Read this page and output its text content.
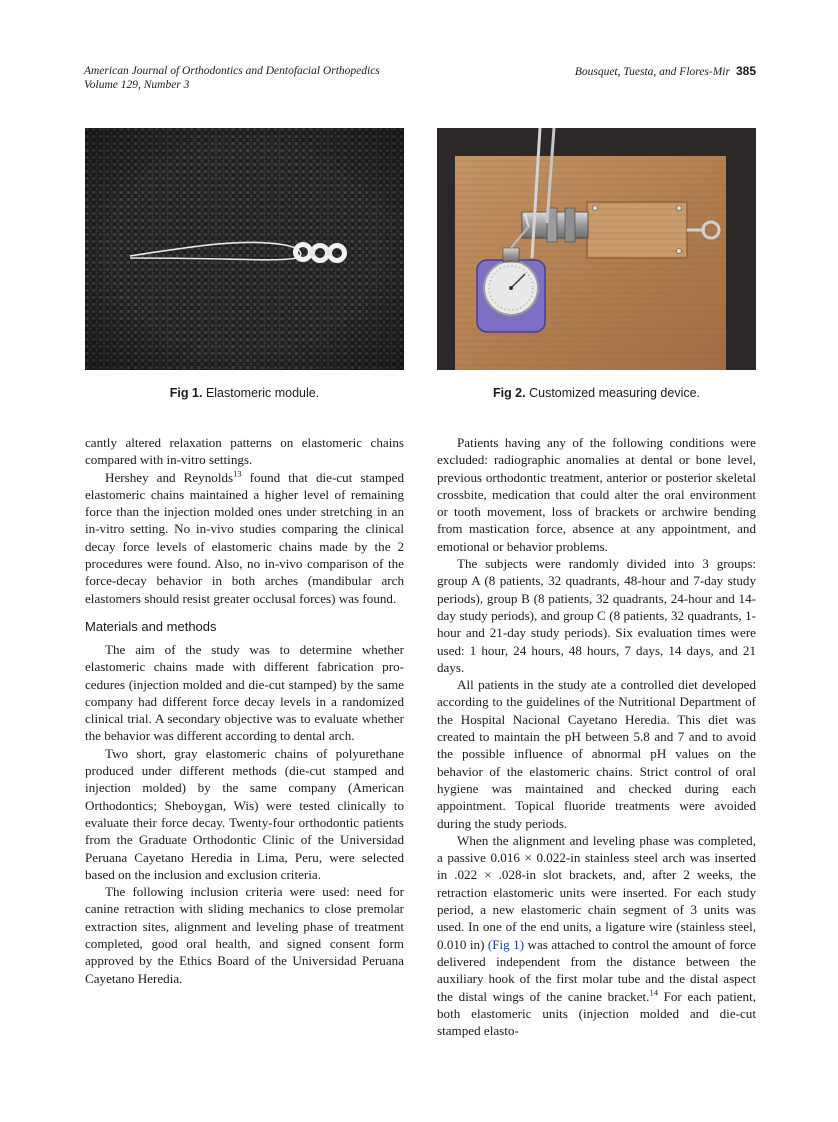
American Journal of Orthodontics and Dentofacial Orthopedics
Volume 129, Number 3
Bousquet, Tuesta, and Flores-Mir 385
Fig 1. Elastomeric module.	Fig 2. Customized measuring device.

cantly altered relaxation patterns on elastomeric chains compared with in-vitro settings.

Hershey and Reynolds$^{13}$ found that die-cut stamped elastomeric chains maintained a higher level of remaining force than the injection molded ones under stretching in an in-vitro setting. No in-vivo studies comparing the clinical decay force levels of elastomeric chains made by the 2 procedures were found. Also, no in-vivo comparison of the force-decay behavior in both arches (mandibular arch elastomers should resist greater occlusal forces) was found.

Materials and methods

The aim of the study was to determine whether elastomeric chains made with different fabrication procedures (injection molded and die-cut stamped) by the same company had different force decay levels in a randomized clinical trial. A secondary objective was to evaluate whether the behavior was different according to dental arch.

Two short, gray elastomeric chains of polyurethane produced under different methods (die-cut stamped and injection molded) by the same company (American Orthodontics; Sheboygan, Wis) were tested clinically to evaluate their force decay. Twenty-four orthodontic patients from the Graduate Orthodontic Clinic of the Universidad Peruana Cayetano Heredia in Lima, Peru, were selected based on the inclusion and exclusion criteria.

The following inclusion criteria were used: need for canine retraction with sliding mechanics to close premolar extraction sites, alignment and leveling phase of treatment completed, good oral health, and signed consent form approved by the Ethics Board of the Universidad Peruana Cayetano Heredia.

Patients having any of the following conditions were excluded: radiographic anomalies at dental or bone level, previous orthodontic treatment, anterior or posterior skeletal crossbite, medication that could alter the oral environment or tooth movement, loss of brackets or archwire bending from mastication force, absence at any appointment, and emotional or behavior problems.

The subjects were randomly divided into 3 groups: group A (8 patients, 32 quadrants, 48-hour and 7-day study periods), group B (8 patients, 32 quadrants, 24-hour and 14-day study periods), and group C (8 patients, 32 quadrants, 1-hour and 21-day study periods). Six evaluation times were used: 1 hour, 24 hours, 48 hours, 7 days, 14 days, and 21 days.

All patients in the study ate a controlled diet developed according to the guidelines of the Nutritional Department of the Hospital Nacional Cayetano Heredia. This diet was created to maintain the pH between 5.8 and 7 and to avoid the possible influence of abnormal pH values on the behavior of the elastomeric chains. Strict control of oral hygiene was maintained and checked during each appointment. Topical fluoride treatments were avoided during the study periods.

When the alignment and leveling phase was completed, a passive 0.016 × 0.022-in stainless steel arch was inserted in .022 × .028-in slot brackets, and, after 2 weeks, the retraction elastomeric units were inserted. For each study period, a new elastomeric chain segment of 3 units was used. In one of the end units, a ligature wire (stainless steel, 0.010 in) (Fig 1) was attached to control the amount of force delivered independent from the distance between the auxiliary hook of the first molar tube and the distal aspect the distal wings of the canine bracket.$^{14}$ For each patient, both elastomeric units (injection molded and die-cut stamped elasto-
